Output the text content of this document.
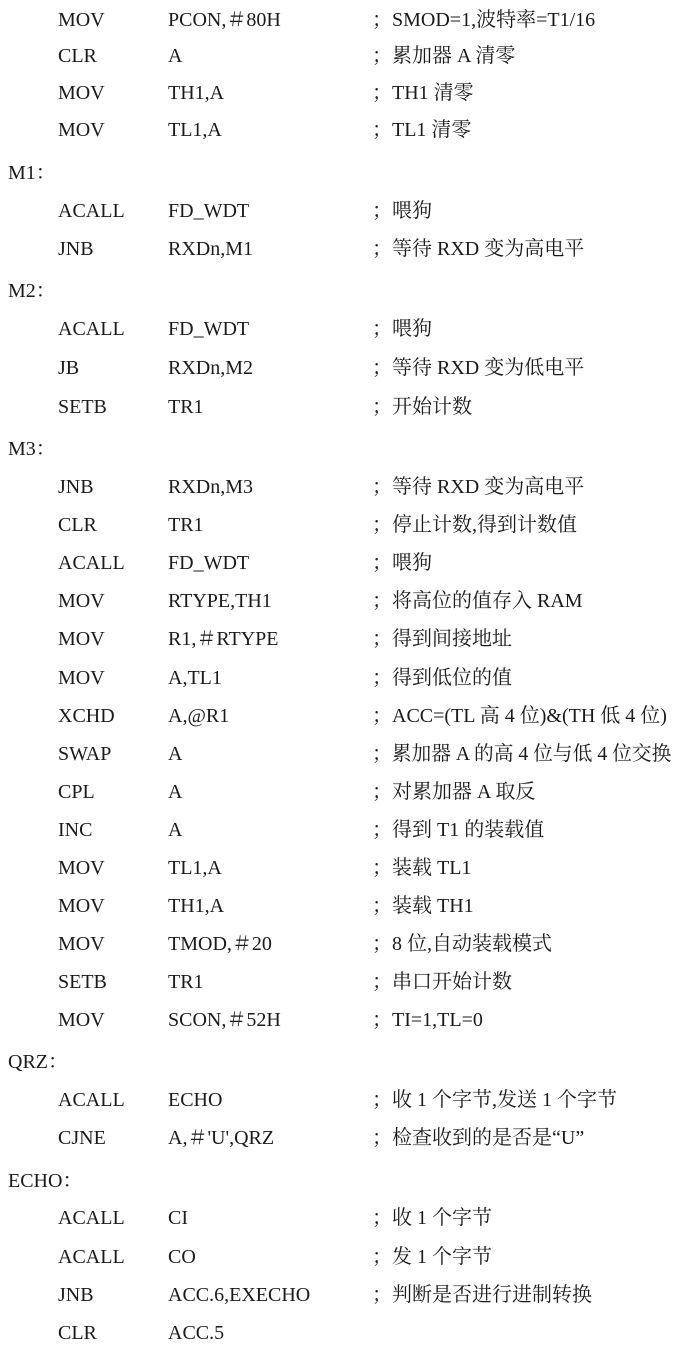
MOV	PCON,＃80H	；SMOD=1,波特率=T1/16
CLR	A	；累加器 A 清零
MOV	TH1,A	；TH1 清零
MOV	TL1,A	；TL1 清零
M1：
ACALL FD_WDT	；喂狗
JNB	RXDn,M1	；等待 RXD 变为高电平
M2：
ACALL FD_WDT	；喂狗
JB	RXDn,M2	；等待 RXD 变为低电平
SETB	TR1	；开始计数
M3：
JNB	RXDn,M3	；等待 RXD 变为高电平
CLR	TR1	；停止计数,得到计数值
ACALL FD_WDT	；喂狗
MOV	RTYPE,TH1	；将高位的值存入 RAM
MOV	R1,＃RTYPE	；得到间接地址
MOV	A,TL1	；得到低位的值
XCHD	A,@R1	；ACC=(TL 高 4 位)&(TH 低 4 位)
SWAP	A	；累加器 A 的高 4 位与低 4 位交换
CPL	A	；对累加器 A 取反
INC	A	；得到 T1 的装载值
MOV	TL1,A	；装载 TL1
MOV	TH1,A	；装载 TH1
MOV	TMOD,＃20	；8 位,自动装载模式
SETB	TR1	；串口开始计数
MOV	SCON,＃52H	；TI=1,TL=0
QRZ：
ACALL ECHO	；收 1 个字节,发送 1 个字节
CJNE	A,＃'U',QRZ	；检查收到的是否是“U”
ECHO：
ACALL CI	；收 1 个字节
ACALL CO	；发 1 个字节
JNB	ACC.6,EXECHO	；判断是否进行进制转换
CLR	ACC.5
